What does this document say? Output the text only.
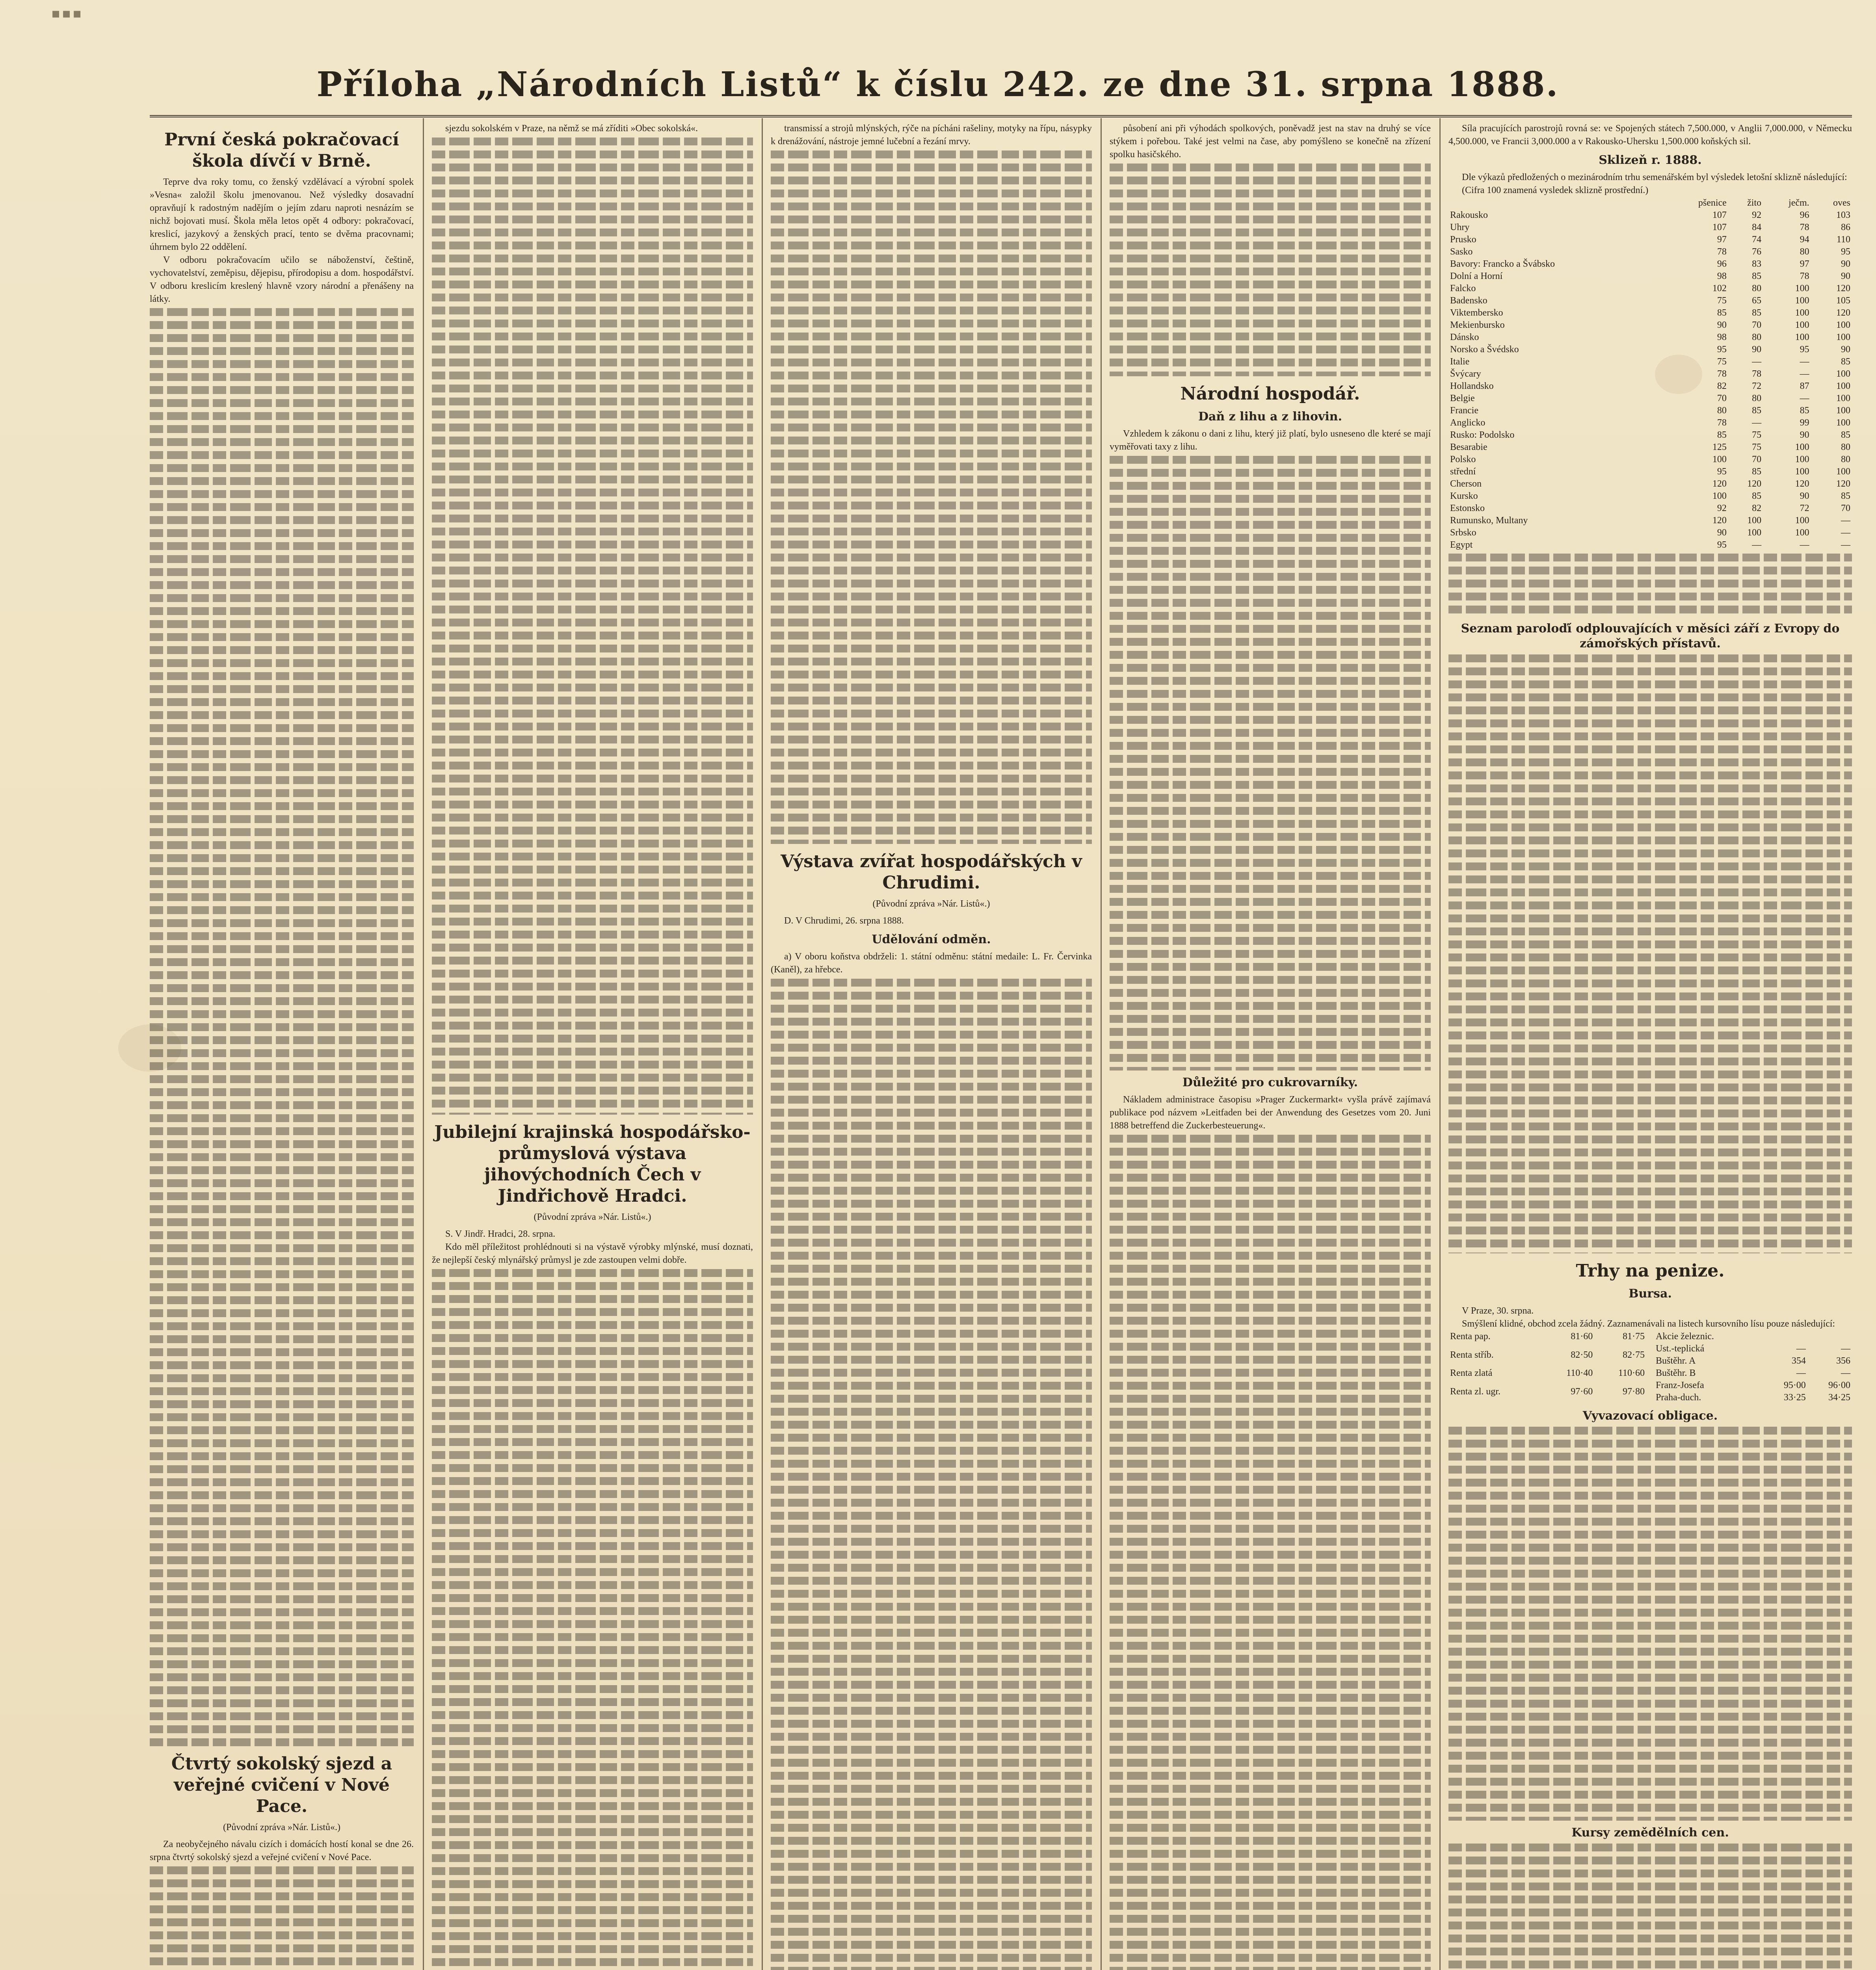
▪▪▪
Příloha „Národních Listů“ k číslu 242. ze dne 31. srpna 1888.
První česká pokračovací škola dívčí v Brně.

Teprve dva roky tomu, co ženský vzdělávací a výrobní spolek »Vesna« založil školu jmenovanou. Než výsledky dosavadní opravňují k radostným nadějím o jejím zdaru naproti nesnázím se nichž bojovati musí. Škola měla letos opět 4 odbory: pokračovací, kreslicí, jazykový a ženských prací, tento se dvěma pracovnami; úhrnem bylo 22 oddělení.

V odboru pokračovacím učilo se náboženství, češtině, vychovatelství, zeměpisu, dějepisu, přírodopisu a dom. hospodářství. V odboru kreslicím kreslený hlavně vzory národní a přenášeny na látky.

Čtvrtý sokolský sjezd a veřejné cvičení v Nové Pace.
(Původní zpráva »Nár. Listů«.)

Za neobyčejného návalu cizích i domácích hostí konal se dne 26. srpna čtvrtý sokolský sjezd a veřejné cvičení v Nové Pace.

sjezdu sokolském v Praze, na němž se má zříditi »Obec sokolská«.

Jubilejní krajinská hospodářsko-průmyslová výstava jihovýchodních Čech v Jindřichově Hradci.
(Původní zpráva »Nár. Listů«.)

S. V Jindř. Hradci, 28. srpna.

Kdo měl příležitost prohlédnouti si na výstavě výrobky mlýnské, musí doznati, že nejlepší český mlynářský průmysl je zde zastoupen velmi dobře.

transmissí a strojů mlýnských, rýče na pícháni rašeliny, motyky na řípu, násypky k drenážování, nástroje jemné lučební a řezání mrvy.

Výstava zvířat hospodářských v Chrudimi.
(Původní zpráva »Nár. Listů«.)

D. V Chrudimi, 26. srpna 1888.

Udělování odměn.

a) V oboru koňstva obdrželi: 1. státní odměnu: státní medaile: L. Fr. Červinka (Kaněl), za hřebce.

působení ani při výhodách spolkových, poněvadž jest na stav na druhý se více stýkem i pořebou. Také jest velmi na čase, aby pomýšleno se konečně na zřízení spolku hasičského.

Národní hospodář.
Daň z lihu a z lihovin.

Vzhledem k zákonu o dani z lihu, který již platí, bylo usneseno dle které se mají vyměřovati taxy z lihu.

Důležité pro cukrovarníky.

Nákladem administrace časopisu »Prager Zuckermarkt« vyšla právě zajímavá publikace pod názvem »Leitfaden bei der Anwendung des Gesetzes vom 20. Juni 1888 betreffend die Zuckerbesteuerung«.

Síla pracujících parostrojů rovná se: ve Spojených státech 7,500.000, v Anglii 7,000.000, v Německu 4,500.000, ve Francii 3,000.000 a v Rakousko-Uhersku 1,500.000 koňských sil.

Sklizeň r. 1888.

Dle výkazů předložených o mezinárodním trhu semenářském byl výsledek letošní sklizně následující:

(Cifra 100 znamená vysledek sklizně prostřední.)

	pšenice	žito	ječm.	oves
Rakousko	107	92	96	103
Uhry	107	84	78	86
Prusko	97	74	94	110
Sasko	78	76	80	95
Bavory: Francko a Švábsko	96	83	97	90
Dolní a Horní	98	85	78	90
Falcko	102	80	100	120
Badensko	75	65	100	105
Viktembersko	85	85	100	120
Mekienbursko	90	70	100	100
Dánsko	98	80	100	100
Norsko a Švédsko	95	90	95	90
Italie	75	—	—	85
Švýcary	78	78	—	100
Hollandsko	82	72	87	100
Belgie	70	80	—	100
Francie	80	85	85	100
Anglicko	78	—	99	100
Rusko: Podolsko	85	75	90	85
Besarabie	125	75	100	80
Polsko	100	70	100	80
střední	95	85	100	100
Cherson	120	120	120	120
Kursko	100	85	90	85
Estonsko	92	82	72	70
Rumunsko, Multany	120	100	100	—
Srbsko	90	100	100	—
Egypt	95	—	—	—
Seznam paroloďí odplouvajících v měsíci září z Evropy do zámořských přístavů.
Trhy na penize.
Bursa.

V Praze, 30. srpna.

Smýšlení klidné, obchod zcela žádný. Zaznamenávali na listech kursovního lísu pouze následující:

Renta pap.	81·60	81·75
Renta stříb.	82·50	82·75
Renta zlatá	110·40	110·60
Renta zl. ugr.	97·60	97·80
Akcie železnic.		
Ust.-teplická	—	—
Buštěhr. A	354	356
Buštěhr. B	—	—
Franz-Josefa	95·00	96·00
Praha-duch.	33·25	34·25
Vyvazovací obligace.
Kursy zemědělních cen.
